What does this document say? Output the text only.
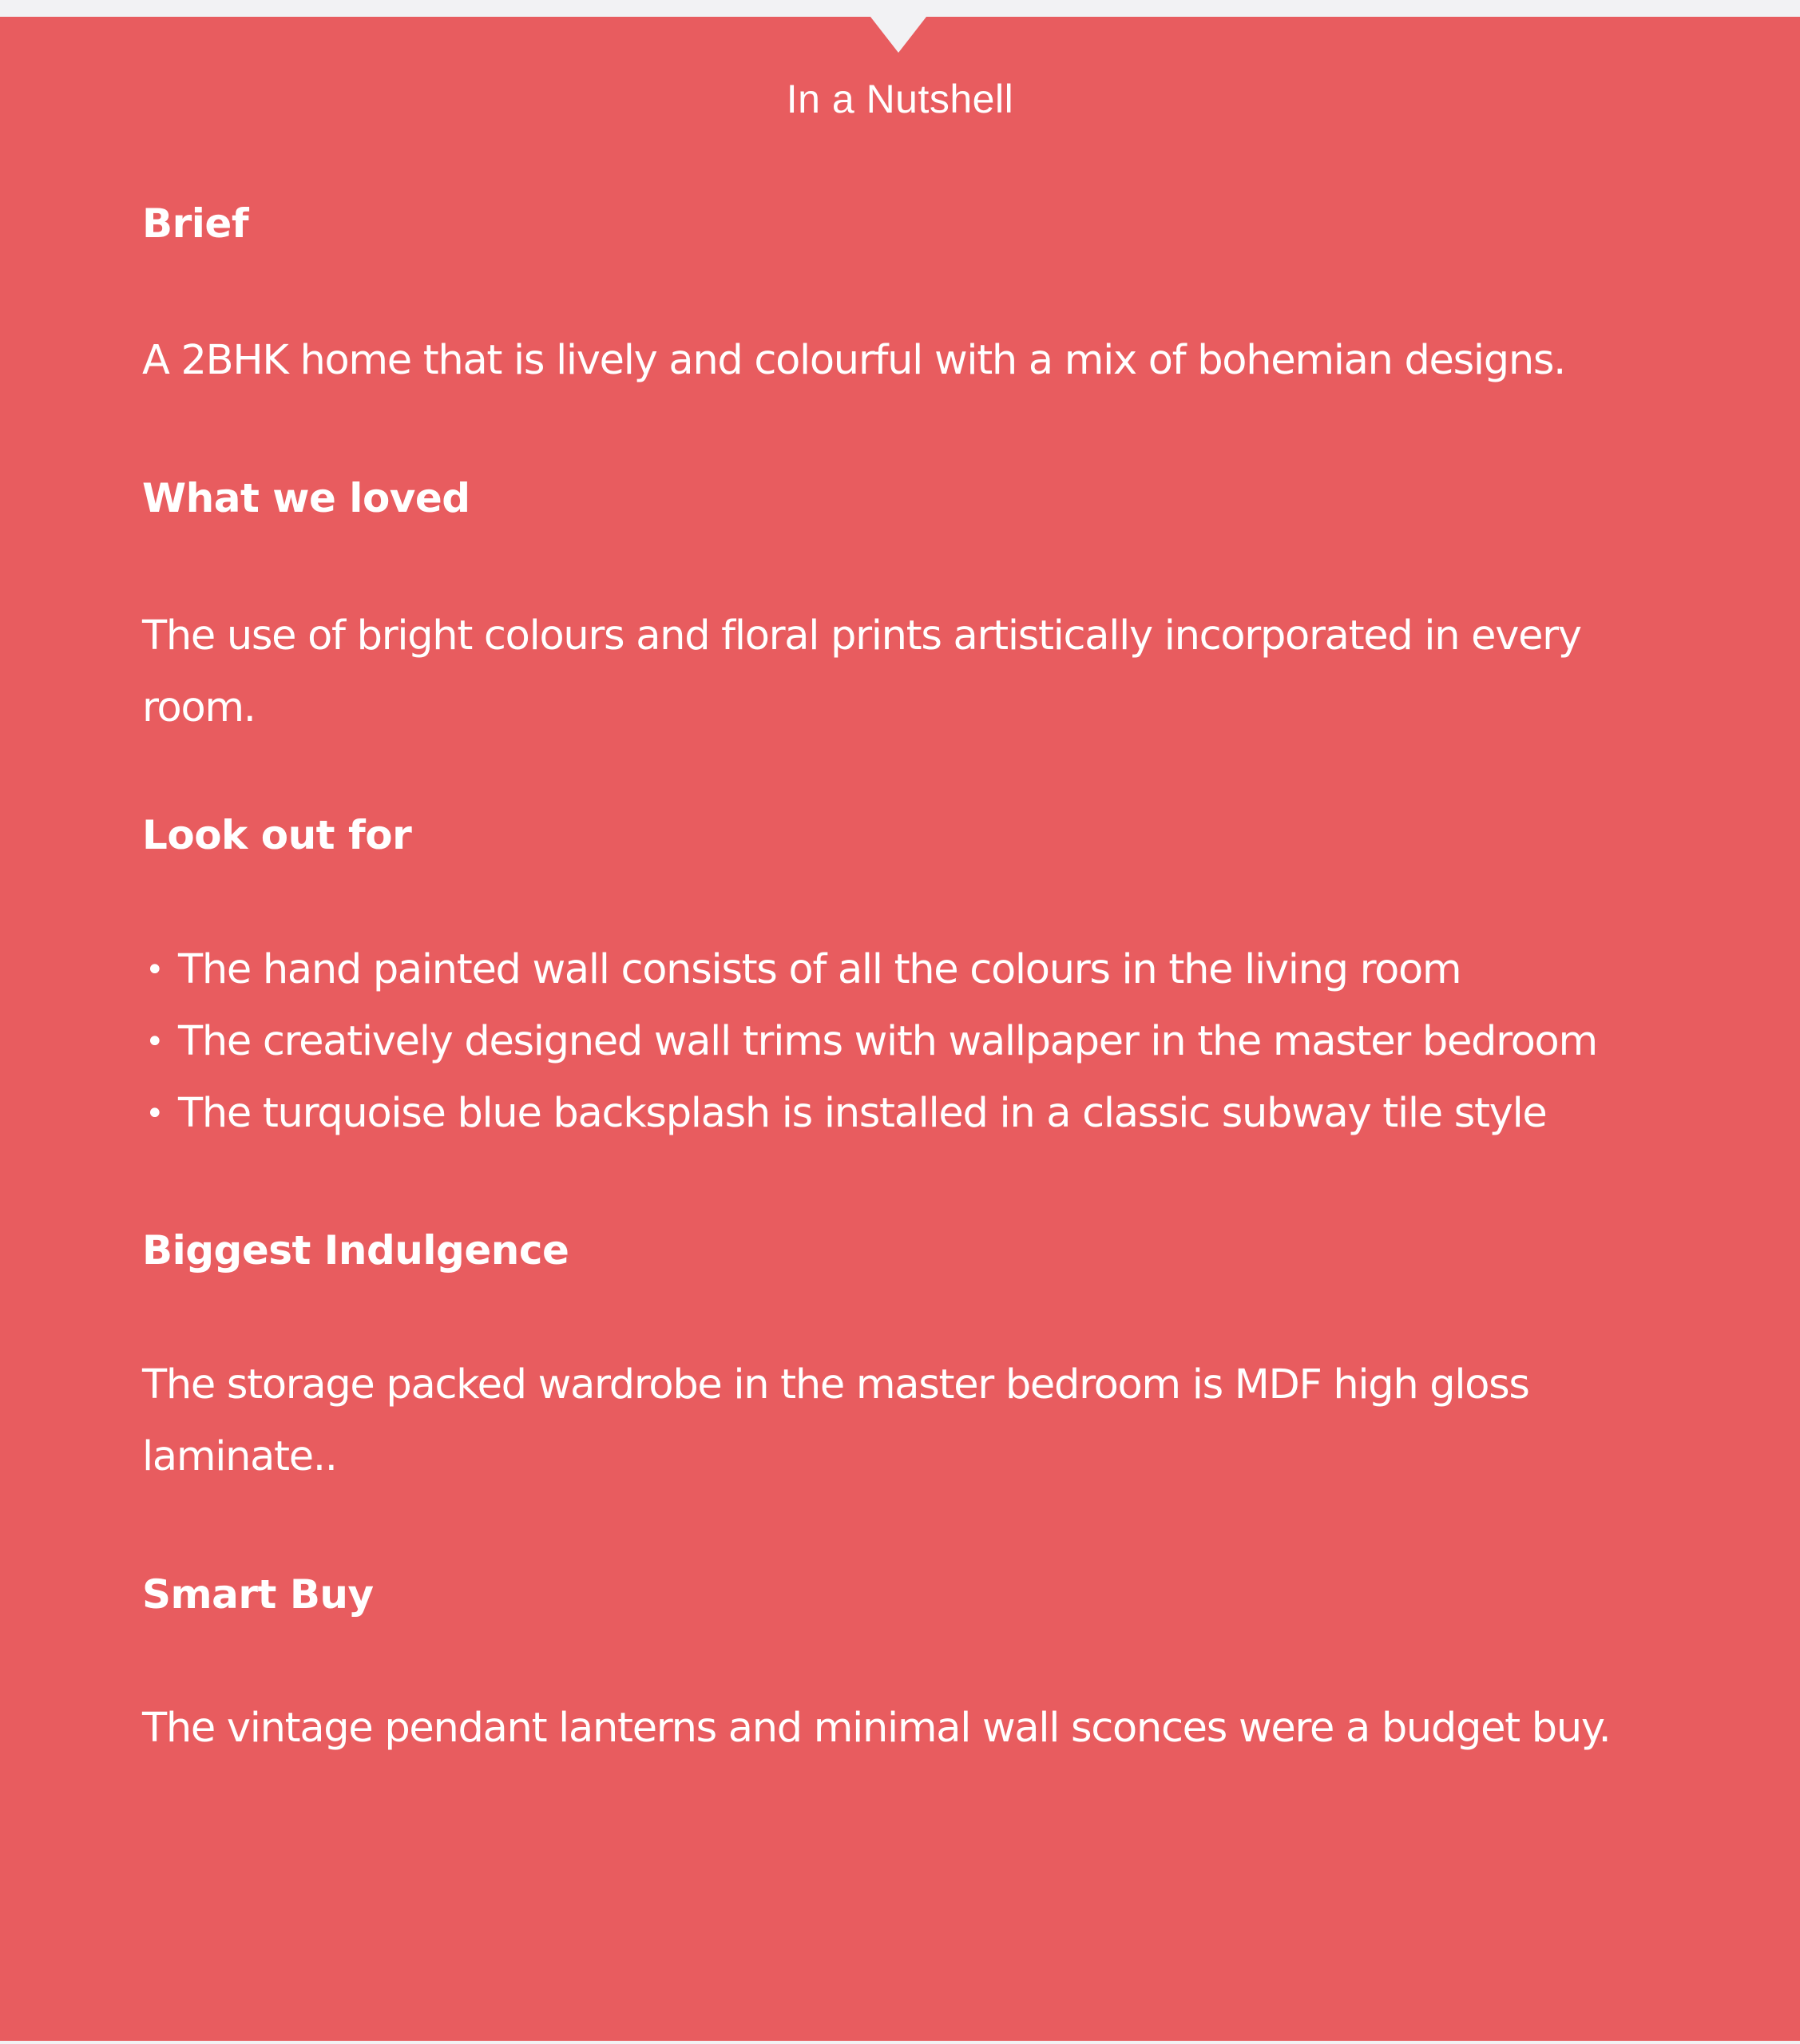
In a Nutshell
Brief

A 2BHK home that is lively and colourful with a mix of bohemian designs.

What we loved

The use of bright colours and floral prints artistically incorporated in every room.

Look out for
• The hand painted wall consists of all the colours in the living room
• The creatively designed wall trims with wallpaper in the master bedroom
• The turquoise blue backsplash is installed in a classic subway tile style
Biggest Indulgence

The storage packed wardrobe in the master bedroom is MDF high gloss laminate..

Smart Buy

The vintage pendant lanterns and minimal wall sconces were a budget buy.
